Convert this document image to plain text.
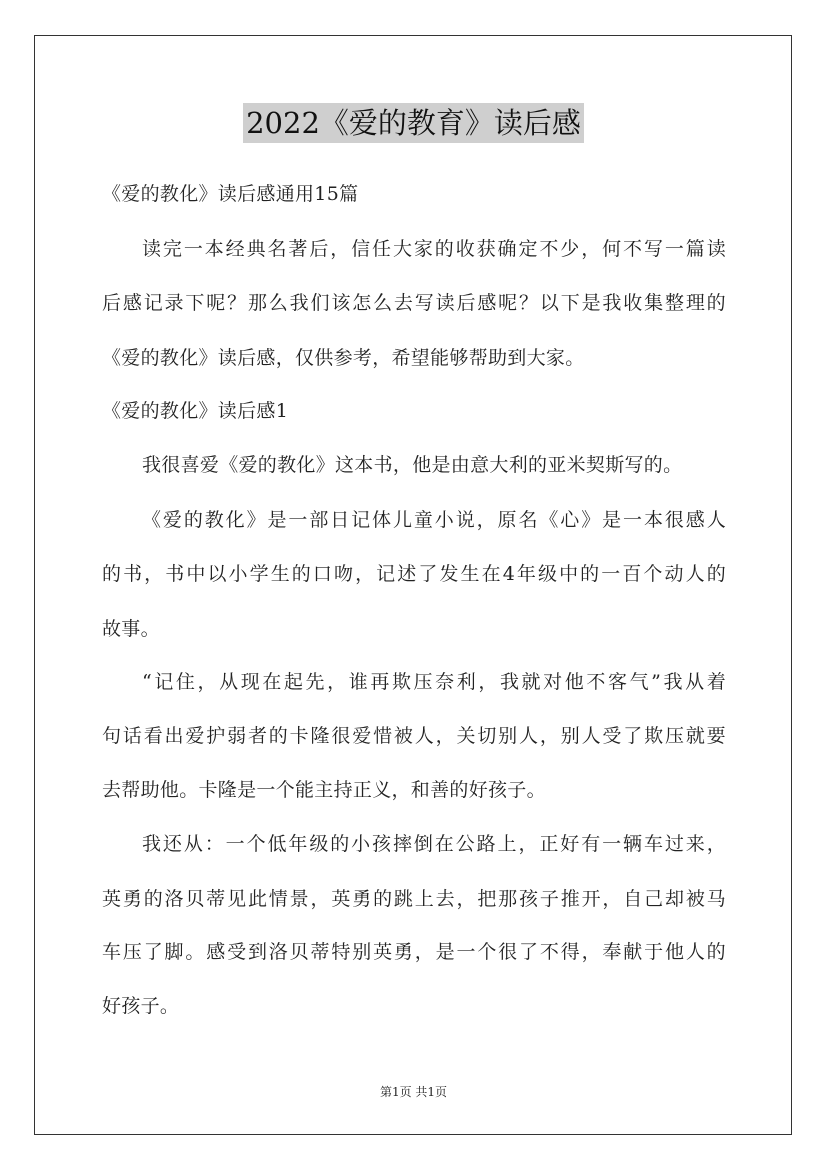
2022《爱的教育》读后感
《爱的教化》读后感通用15篇
读完一本经典名著后，信任大家的收获确定不少，何不写一篇读
后感记录下呢？那么我们该怎么去写读后感呢？以下是我收集整理的
《爱的教化》读后感，仅供参考，希望能够帮助到大家。
《爱的教化》读后感1
我很喜爱《爱的教化》这本书，他是由意大利的亚米契斯写的。
《爱的教化》是一部日记体儿童小说，原名《心》是一本很感人
的书，书中以小学生的口吻，记述了发生在4年级中的一百个动人的
故事。
“记住，从现在起先，谁再欺压奈利，我就对他不客气”我从着
句话看出爱护弱者的卡隆很爱惜被人，关切别人，别人受了欺压就要
去帮助他。卡隆是一个能主持正义，和善的好孩子。
我还从：一个低年级的小孩摔倒在公路上，正好有一辆车过来，
英勇的洛贝蒂见此情景，英勇的跳上去，把那孩子推开，自己却被马
车压了脚。感受到洛贝蒂特别英勇，是一个很了不得，奉献于他人的
好孩子。
第1页 共1页
